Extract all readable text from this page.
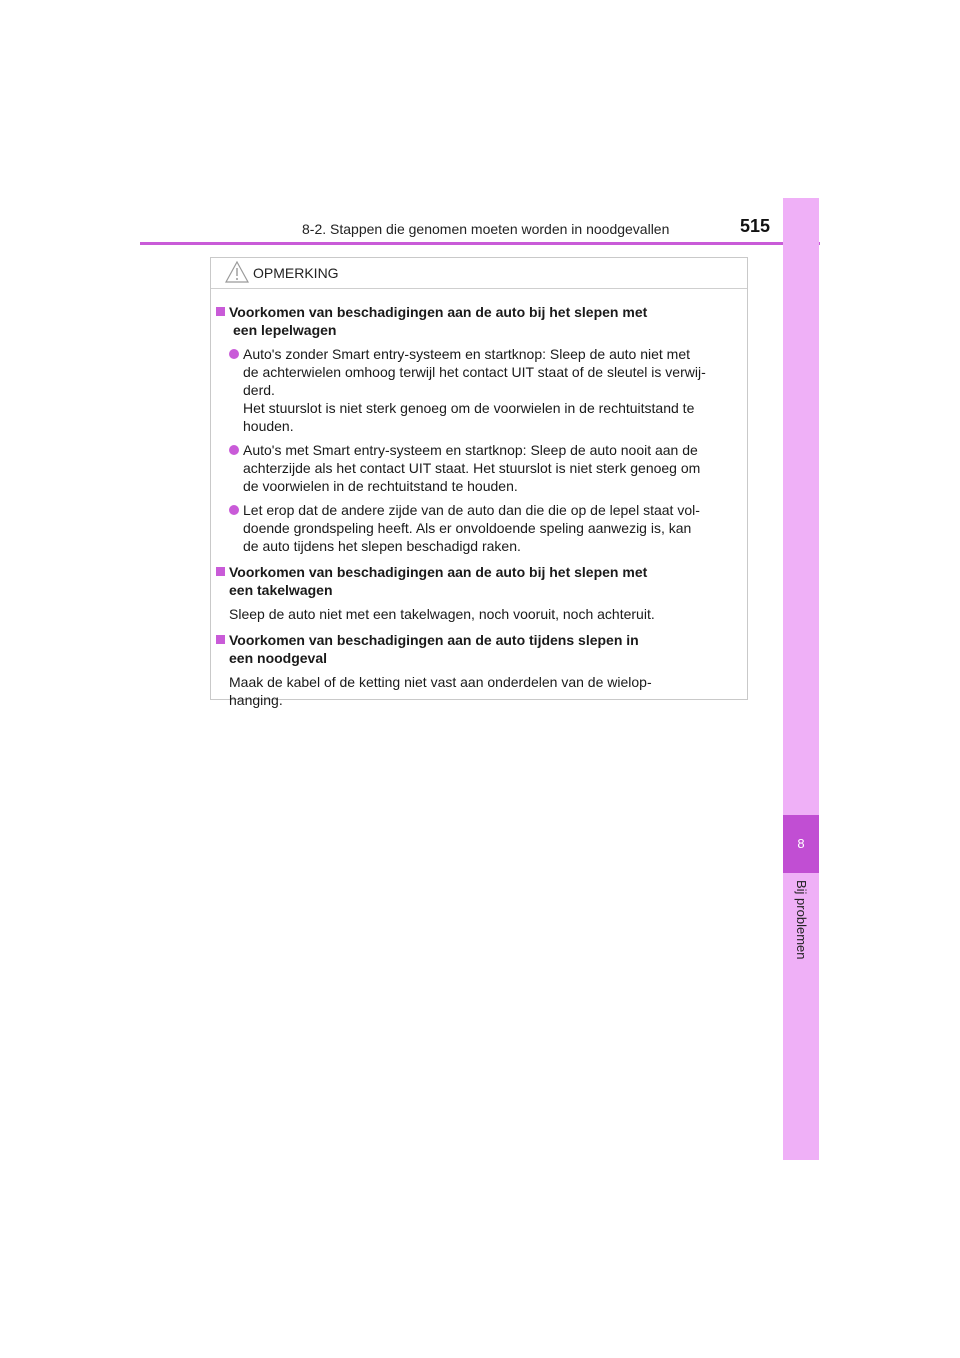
8-2. Stappen die genomen moeten worden in noodgevallen	515
8
Bij problemen
OPMERKING
Voorkomen van beschadigingen aan de auto bij het slepen met
een lepelwagen
Auto's zonder Smart entry-systeem en startknop: Sleep de auto niet met
de achterwielen omhoog terwijl het contact UIT staat of de sleutel is verwij-
derd.
Het stuurslot is niet sterk genoeg om de voorwielen in de rechtuitstand te
houden.
Auto's met Smart entry-systeem en startknop: Sleep de auto nooit aan de
achterzijde als het contact UIT staat. Het stuurslot is niet sterk genoeg om
de voorwielen in de rechtuitstand te houden.
Let erop dat de andere zijde van de auto dan die die op de lepel staat vol-
doende grondspeling heeft. Als er onvoldoende speling aanwezig is, kan
de auto tijdens het slepen beschadigd raken.
Voorkomen van beschadigingen aan de auto bij het slepen met
een takelwagen
Sleep de auto niet met een takelwagen, noch vooruit, noch achteruit.
Voorkomen van beschadigingen aan de auto tijdens slepen in
een noodgeval
Maak de kabel of de ketting niet vast aan onderdelen van de wielop-
hanging.
